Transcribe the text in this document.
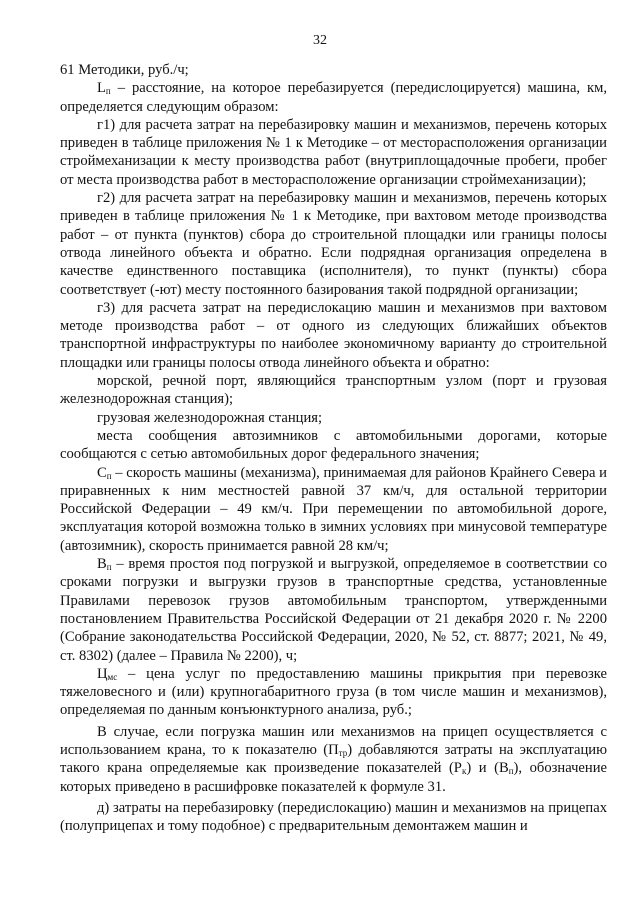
32

61 Методики, руб./ч;

$L_п$ – расстояние, на которое перебазируется (передислоцируется) машина, км, определяется следующим образом:

г1) для расчета затрат на перебазировку машин и механизмов, перечень которых приведен в таблице приложения № 1 к Методике – от месторасположения организации строймеханизации к месту производства работ (внутриплощадочные пробеги, пробег от места производства работ в месторасположение организации строймеханизации);

г2) для расчета затрат на перебазировку машин и механизмов, перечень которых приведен в таблице приложения № 1 к Методике, при вахтовом методе производства работ – от пункта (пунктов) сбора до строительной площадки или границы полосы отвода линейного объекта и обратно. Если подрядная организация определена в качестве единственного поставщика (исполнителя), то пункт (пункты) сбора соответствует (-ют) месту постоянного базирования такой подрядной организации;

г3) для расчета затрат на передислокацию машин и механизмов при вахтовом методе производства работ – от одного из следующих ближайших объектов транспортной инфраструктуры по наиболее экономичному варианту до строительной площадки или границы полосы отвода линейного объекта и обратно:

морской, речной порт, являющийся транспортным узлом (порт и грузовая железнодорожная станция);

грузовая железнодорожная станция;

места сообщения автозимников с автомобильными дорогами, которые сообщаются с сетью автомобильных дорог федерального значения;

$С_п$ – скорость машины (механизма), принимаемая для районов Крайнего Севера и приравненных к ним местностей равной 37 км/ч, для остальной территории Российской Федерации – 49 км/ч. При перемещении по автомобильной дороге, эксплуатация которой возможна только в зимних условиях при минусовой температуре (автозимник), скорость принимается равной 28 км/ч;

$В_п$ – время простоя под погрузкой и выгрузкой, определяемое в соответствии со сроками погрузки и выгрузки грузов в транспортные средства, установленные Правилами перевозок грузов автомобильным транспортом, утвержденными постановлением Правительства Российской Федерации от 21 декабря 2020 г. № 2200 (Собрание законодательства Российской Федерации, 2020, № 52, ст. 8877; 2021, № 49, ст. 8302) (далее – Правила № 2200), ч;

$Ц_{мс}$ – цена услуг по предоставлению машины прикрытия при перевозке тяжеловесного и (или) крупногабаритного груза (в том числе машин и механизмов), определяемая по данным конъюнктурного анализа, руб.;

В случае, если погрузка машин или механизмов на прицеп осуществляется с использованием крана, то к показателю $(П_{тр})$ добавляются затраты на эксплуатацию такого крана определяемые как произведение показателей $(Р_к)$ и $(В_п)$, обозначение которых приведено в расшифровке показателей к формуле 31.

д) затраты на перебазировку (передислокацию) машин и механизмов на прицепах (полуприцепах и тому подобное) с предварительным демонтажем машин и
